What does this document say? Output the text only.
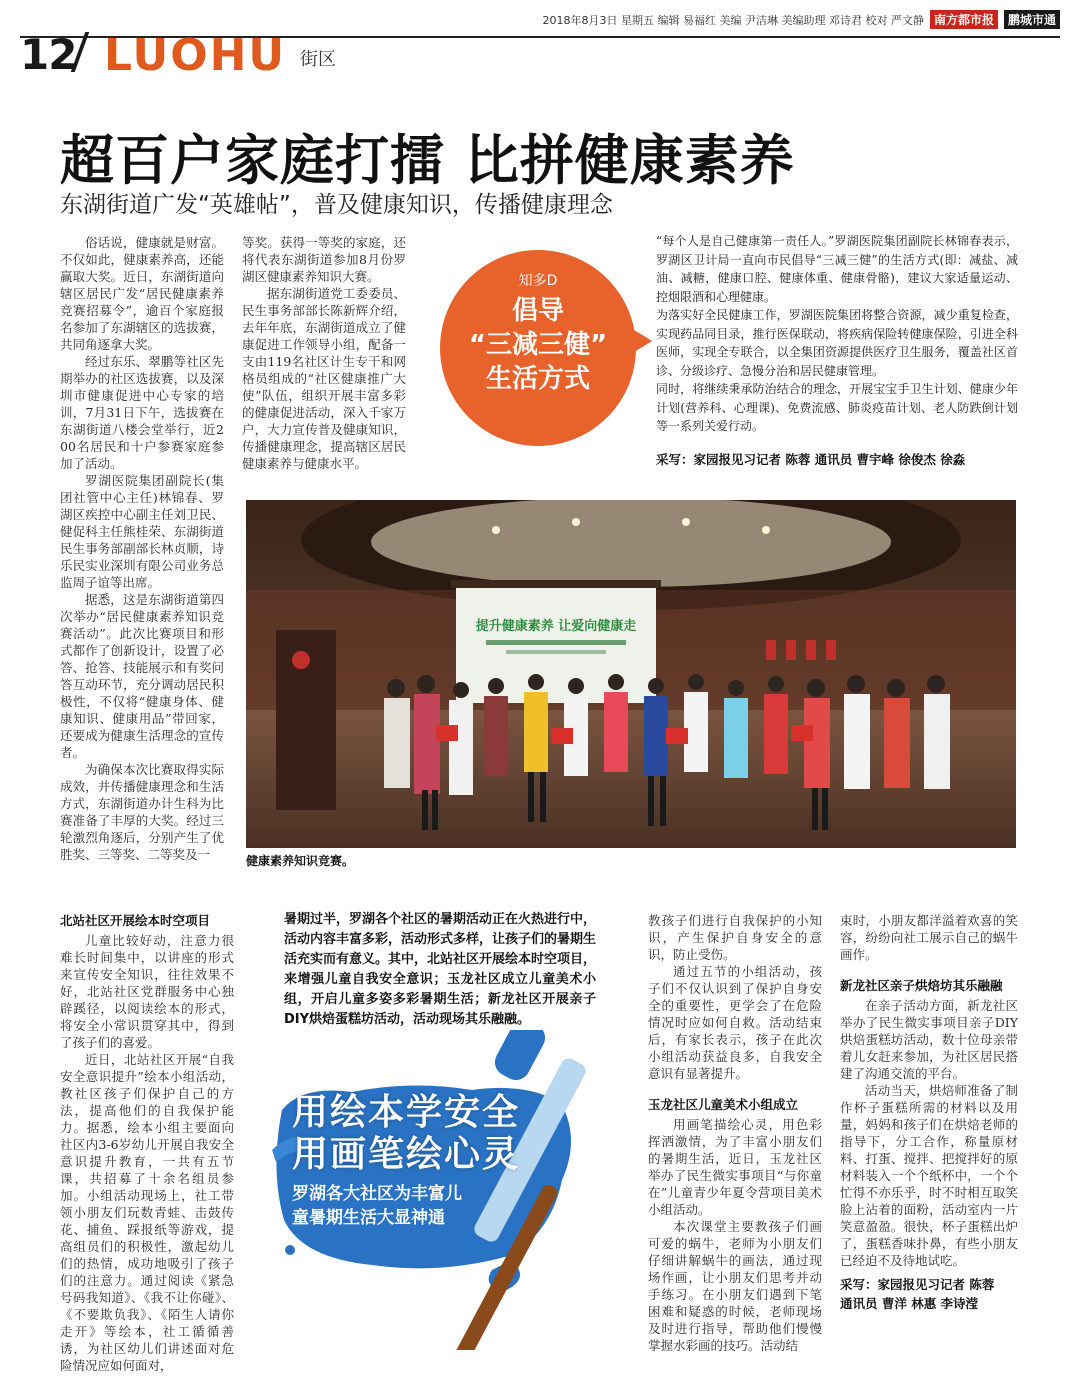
2018年8月3日 星期五 编辑 易福红 美编 尹洁琳 美编助理 邓诗君 校对 严文静 南方都市报	鹏城市通
12 LUOHU 街区
超百户家庭打擂 比拼健康素养
东湖街道广发“英雄帖”，普及健康知识，传播健康理念

俗话说，健康就是财富。不仅如此，健康素养高，还能赢取大奖。近日，东湖街道向辖区居民广发“居民健康素养竞赛招募令”，逾百个家庭报名参加了东湖辖区的选拔赛，共同角逐拿大奖。

经过东乐、翠鹏等社区先期举办的社区选拔赛，以及深圳市健康促进中心专家的培训，7月31日下午，选拔赛在东湖街道八楼会堂举行，近200名居民和十户参赛家庭参加了活动。

罗湖医院集团副院长(集团社管中心主任)林锦春、罗湖区疾控中心副主任刘卫民、健促科主任熊桂荣、东湖街道民生事务部副部长林贞顺，诗乐民实业深圳有限公司业务总监周子谊等出席。

据悉，这是东湖街道第四次举办“居民健康素养知识竞赛活动”。此次比赛项目和形式都作了创新设计，设置了必答、抢答、技能展示和有奖问答互动环节，充分调动居民积极性，不仅将“健康身体、健康知识、健康用品”带回家，还要成为健康生活理念的宣传者。

为确保本次比赛取得实际成效，并传播健康理念和生活方式，东湖街道办计生科为比赛准备了丰厚的大奖。经过三轮激烈角逐后，分别产生了优胜奖、三等奖、二等奖及一

等奖。获得一等奖的家庭，还将代表东湖街道参加8月份罗湖区健康素养知识大赛。

据东湖街道党工委委员、民生事务部部长陈新辉介绍，去年年底，东湖街道成立了健康促进工作领导小组，配备一支由119名社区计生专干和网格员组成的“社区健康推广大使”队伍，组织开展丰富多彩的健康促进活动，深入千家万户，大力宣传普及健康知识，传播健康理念，提高辖区居民健康素养与健康水平。

知多D
倡导
“三减三健”
生活方式

“每个人是自己健康第一责任人。”罗湖医院集团副院长林锦春表示，罗湖区卫计局一直向市民倡导“三减三健”的生活方式(即：减盐、减油、减糖，健康口腔、健康体重、健康骨骼)，建议大家适量运动、控烟限酒和心理健康。

为落实好全民健康工作，罗湖医院集团将整合资源，减少重复检查，实现药品同目录，推行医保联动，将疾病保险转健康保险，引进全科医师，实现全专联合，以全集团资源提供医疗卫生服务，覆盖社区首诊、分级诊疗、急慢分治和居民健康管理。

同时，将继续秉承防治结合的理念，开展宝宝手卫生计划、健康少年计划(营养科、心理课)、免费流感、肺炎疫苗计划、老人防跌倒计划等一系列关爱行动。

采写：家园报见习记者 陈蓉 通讯员 曹宇峰 徐俊杰 徐淼

提升健康素养 让爱向健康走
健康素养知识竞赛。

北站社区开展绘本时空项目

儿童比较好动，注意力很难长时间集中，以讲座的形式来宣传安全知识，往往效果不好，北站社区党群服务中心独辟蹊径，以阅读绘本的形式，将安全小常识贯穿其中，得到了孩子们的喜爱。

近日，北站社区开展“自我安全意识提升”绘本小组活动，教社区孩子们保护自己的方法，提高他们的自我保护能力。据悉，绘本小组主要面向社区内3-6岁幼儿开展自我安全意识提升教育，一共有五节课，共招募了十余名组员参加。小组活动现场上，社工带领小朋友们玩数青蛙、击鼓传花、捕鱼、踩报纸等游戏，提高组员们的积极性，激起幼儿们的热情，成功地吸引了孩子们的注意力。通过阅读《紧急号码我知道》、《我不让你碰》、《不要欺负我》、《陌生人请你走开》等绘本，社工循循善诱，为社区幼儿们讲述面对危险情况应如何面对，

暑期过半，罗湖各个社区的暑期活动正在火热进行中，活动内容丰富多彩，活动形式多样，让孩子们的暑期生活充实而有意义。其中，北站社区开展绘本时空项目，来增强儿童自我安全意识；玉龙社区成立儿童美术小组，开启儿童多姿多彩暑期生活；新龙社区开展亲子DIY烘焙蛋糕坊活动，活动现场其乐融融。

用绘本学安全
用画笔绘心灵
罗湖各大社区为丰富儿
童暑期生活大显神通

教孩子们进行自我保护的小知识，产生保护自身安全的意识，防止受伤。

通过五节的小组活动，孩子们不仅认识到了保护自身安全的重要性，更学会了在危险情况时应如何自救。活动结束后，有家长表示，孩子在此次小组活动获益良多，自我安全意识有显著提升。

玉龙社区儿童美术小组成立

用画笔描绘心灵，用色彩挥洒激情，为了丰富小朋友们的暑期生活，近日，玉龙社区举办了民生微实事项目“与你童在”儿童青少年夏令营项目美术小组活动。

本次课堂主要教孩子们画可爱的蜗牛，老师为小朋友们仔细讲解蜗牛的画法，通过现场作画，让小朋友们思考并动手练习。在小朋友们遇到下笔困难和疑惑的时候，老师现场及时进行指导，帮助他们慢慢掌握水彩画的技巧。活动结

束时，小朋友都洋溢着欢喜的笑容，纷纷向社工展示自己的蜗牛画作。

新龙社区亲子烘焙坊其乐融融

在亲子活动方面，新龙社区举办了民生微实事项目亲子DIY烘焙蛋糕坊活动，数十位母亲带着儿女赶来参加，为社区居民搭建了沟通交流的平台。

活动当天，烘焙师准备了制作杯子蛋糕所需的材料以及用量，妈妈和孩子们在烘焙老师的指导下，分工合作，称量原材料、打蛋、搅拌、把搅拌好的原材料装入一个个纸杯中，一个个忙得不亦乐乎，时不时相互取笑脸上沾着的面粉，活动室内一片笑意盈盈。很快，杯子蛋糕出炉了，蛋糕香味扑鼻，有些小朋友已经迫不及待地试吃。

采写：家园报见习记者 陈蓉

通讯员 曹洋 林惠 李诗滢
